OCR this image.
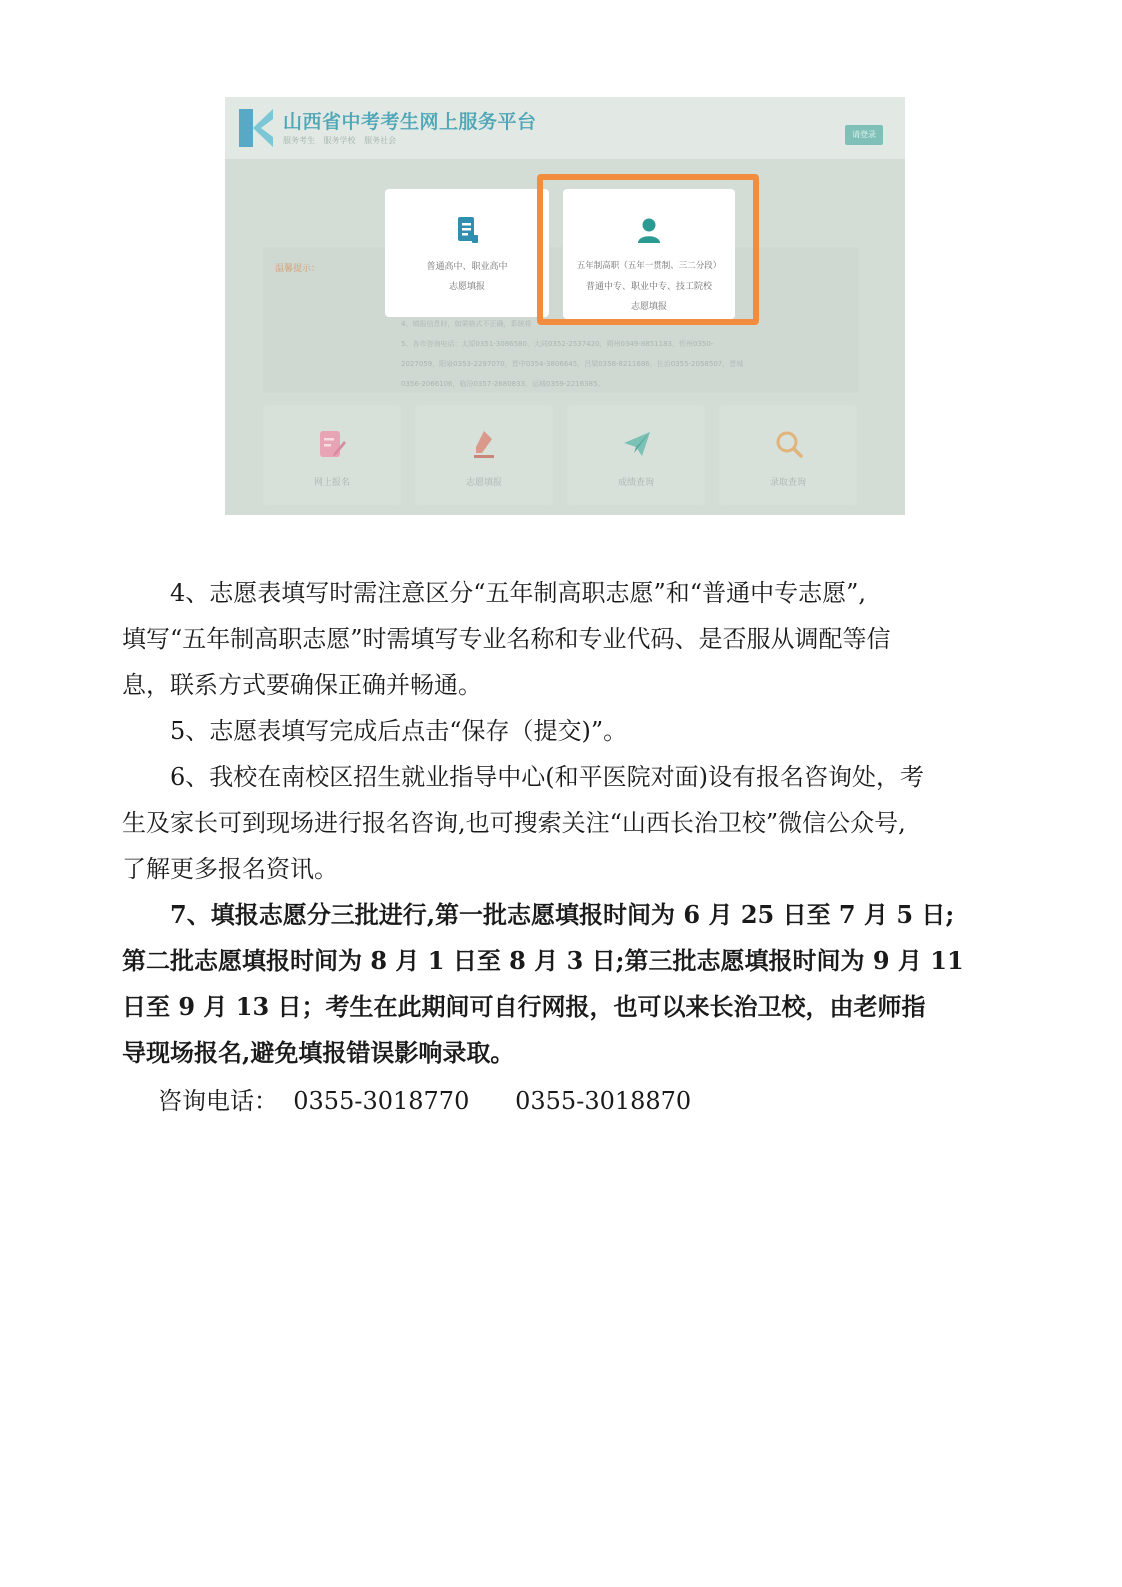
山西省中考考生网上服务平台
服务考生 服务学校 服务社会
请登录
温馨提示：
4、填报信息时，如果格式不正确，系统将
5、各市咨询电话：太原0351-3086580，大同0352-2537420，朔州0349-8851183，忻州0350-
2027059，阳泉0353-2297070，晋中0354-3806645，吕梁0358-8211686，长治0355-2058507，晋城
0356-2066106，临汾0357-2680833，运城0359-2216385。
网上报名	志愿填报	成绩查询	录取查询
普通高中、职业高中
志愿填报
五年制高职（五年一贯制、三二分段）
普通中专、职业中专、技工院校
志愿填报
4、志愿表填写时需注意区分“五年制高职志愿”和“普通中专志愿”,
填写“五年制高职志愿”时需填写专业名称和专业代码、是否服从调配等信
息，联系方式要确保正确并畅通。
5、志愿表填写完成后点击“保存（提交)”。
6、我校在南校区招生就业指导中心(和平医院对面)设有报名咨询处，考
生及家长可到现场进行报名咨询,也可搜索关注“山西长治卫校”微信公众号,
了解更多报名资讯。
7、填报志愿分三批进行,第一批志愿填报时间为 6 月 25 日至 7 月 5 日;
第二批志愿填报时间为 8 月 1 日至 8 月 3 日;第三批志愿填报时间为 9 月 11
日至 9 月 13 日；考生在此期间可自行网报，也可以来长治卫校，由老师指
导现场报名,避免填报错误影响录取。
咨询电话： 0355-3018770 0355-3018870
